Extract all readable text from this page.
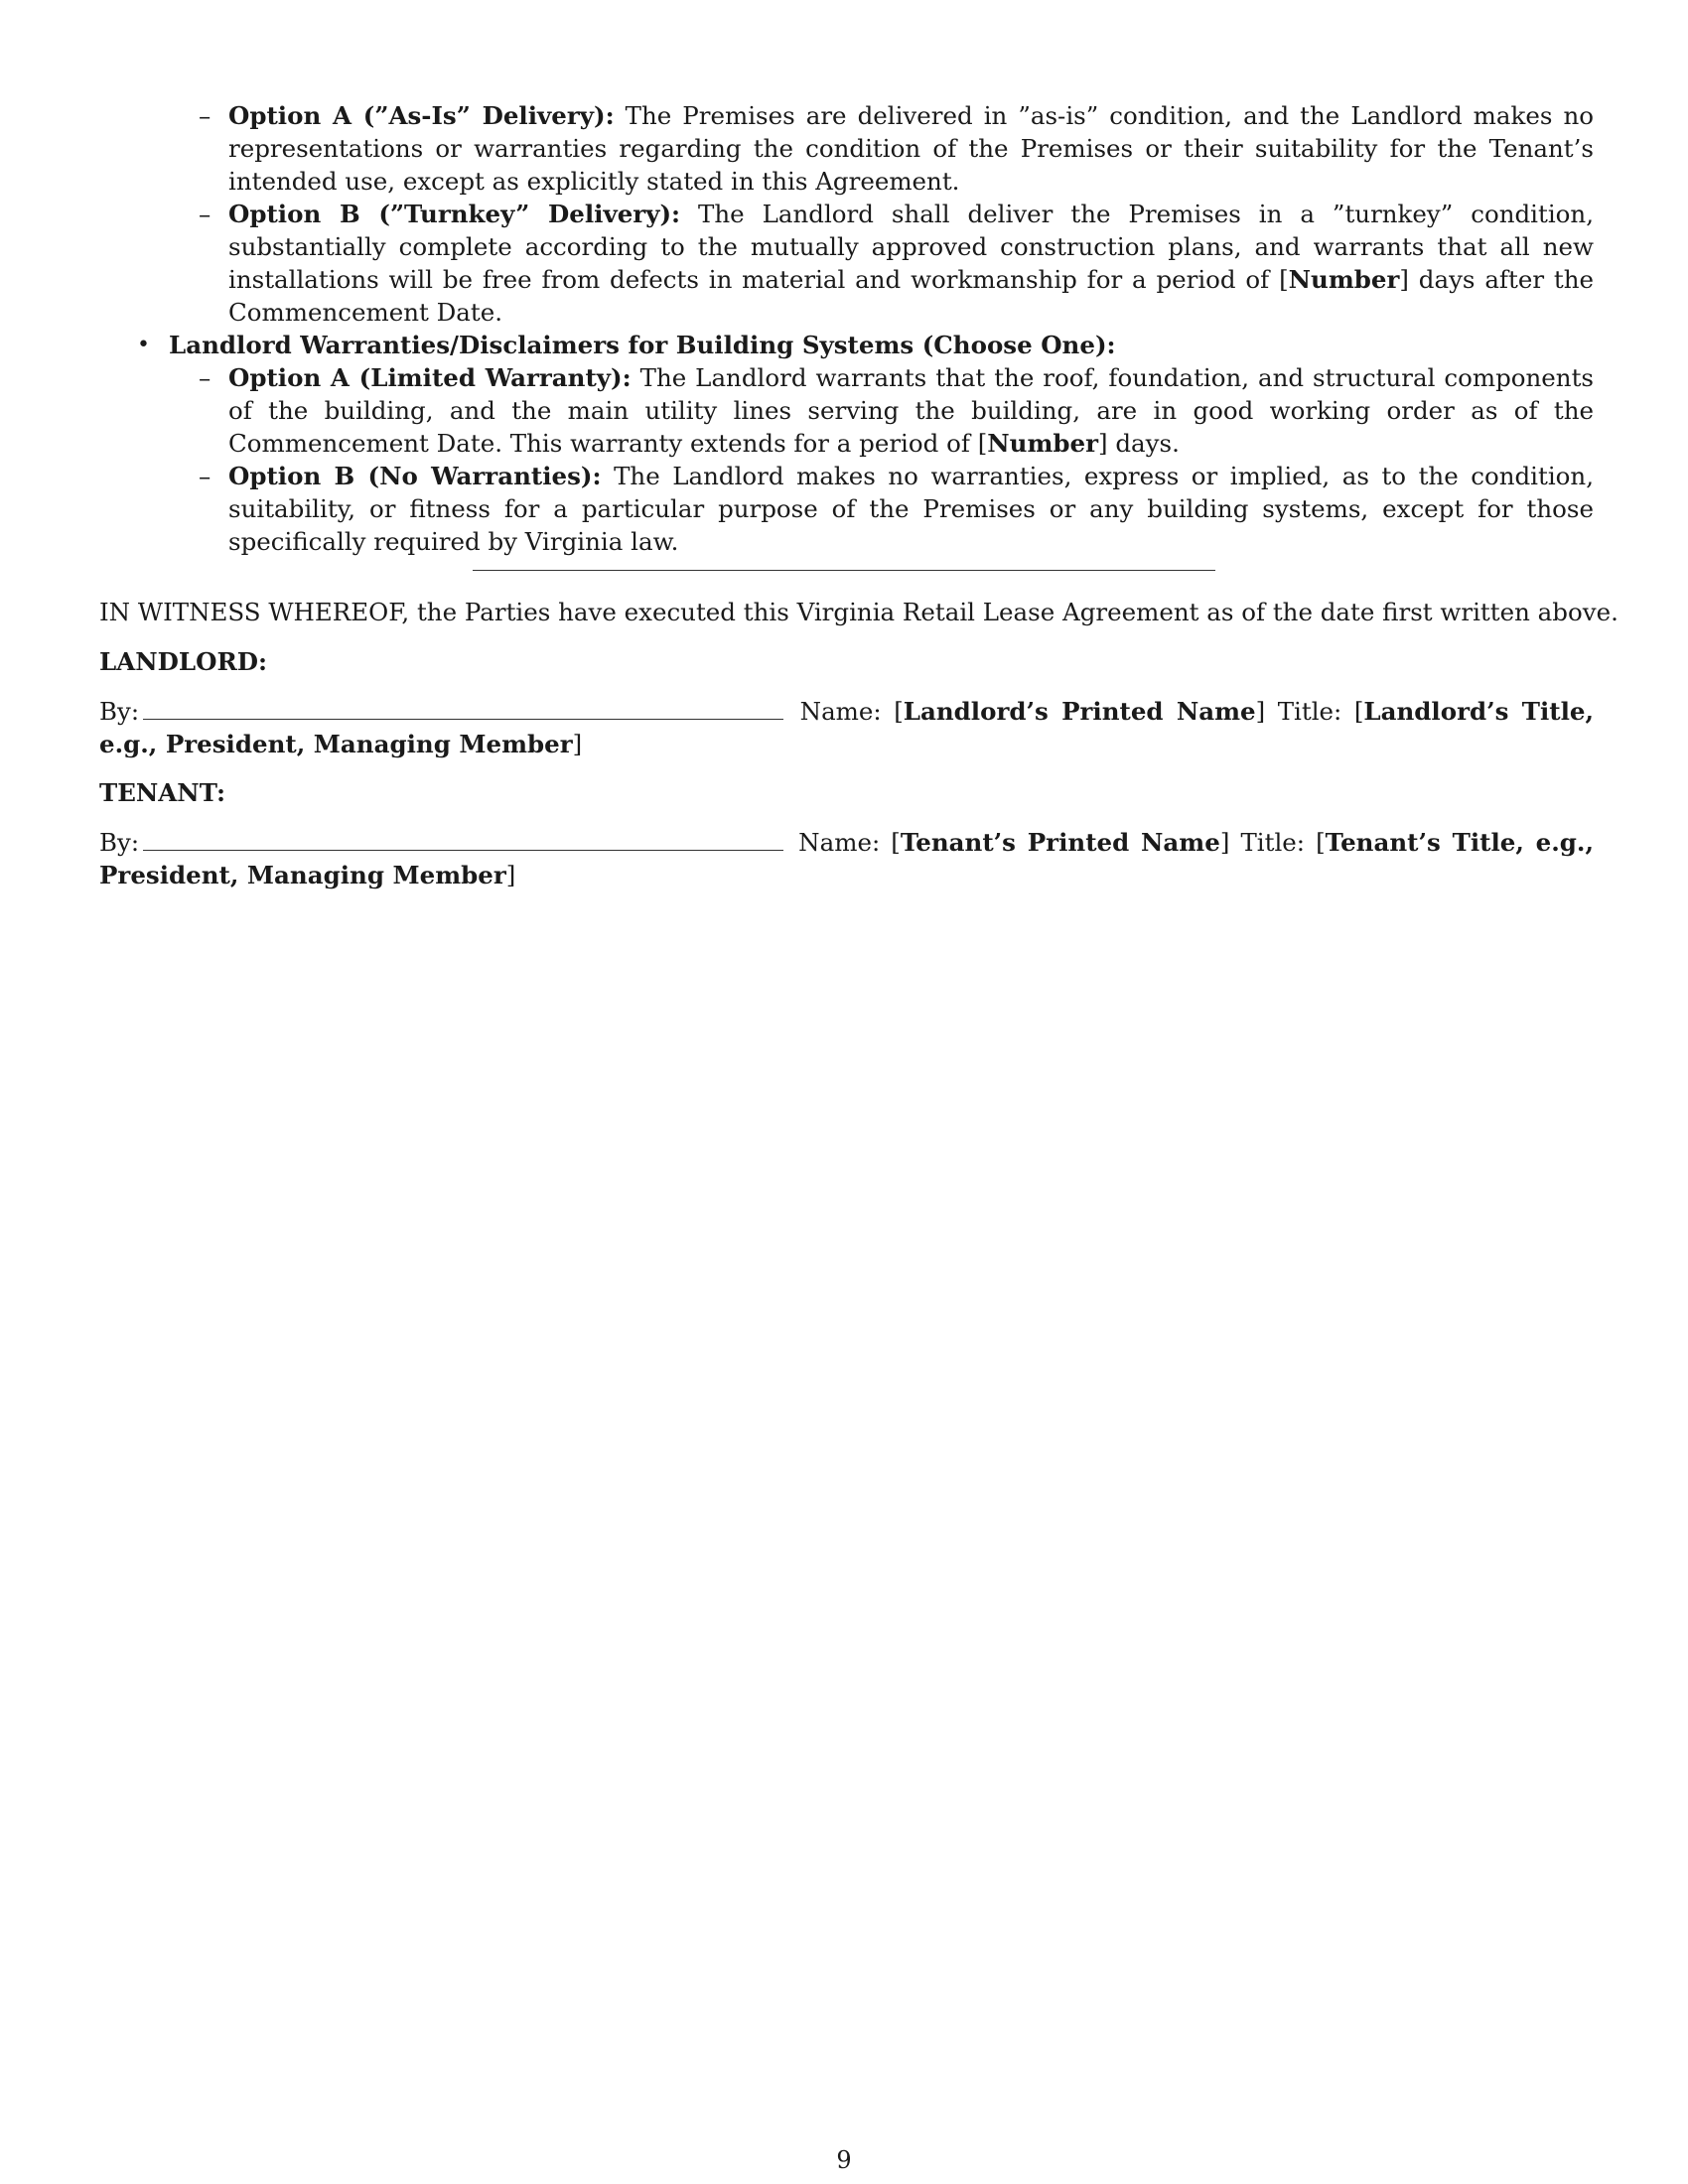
– Option A (”As-Is” Delivery): The Premises are delivered in ”as-is” condition, and the Landlord makes no representations or warranties regarding the condition of the Premises or their suitability for the Tenant’s intended use, except as explicitly stated in this Agreement.
– Option B (”Turnkey” Delivery): The Landlord shall deliver the Premises in a ”turnkey” condition, substantially complete according to the mutually approved construction plans, and warrants that all new installations will be free from defects in material and workmanship for a period of [Number] days after the Commencement Date.
• Landlord Warranties/Disclaimers for Building Systems (Choose One):
– Option A (Limited Warranty): The Landlord warrants that the roof, foundation, and structural components of the building, and the main utility lines serving the building, are in good working order as of the Commencement Date. This warranty extends for a period of [Number] days.
– Option B (No Warranties): The Landlord makes no warranties, express or implied, as to the condition, suitability, or fitness for a particular purpose of the Premises or any building systems, except for those specifically required by Virginia law.
IN WITNESS WHEREOF, the Parties have executed this Virginia Retail Lease Agreement as of the date first written above.
LANDLORD:
By:	Name: [Landlord’s Printed Name] Title: [Landlord’s Title, e.g., President, Managing Member]
TENANT:
By:	Name: [Tenant’s Printed Name] Title: [Tenant’s Title, e.g., President, Managing Member]
9
